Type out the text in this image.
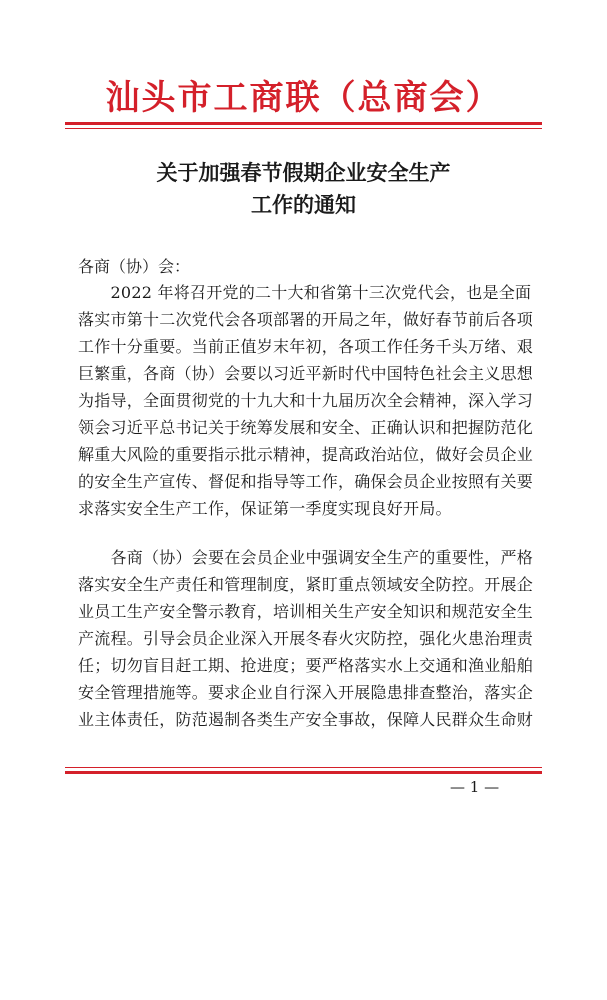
汕头市工商联（总商会）
关于加强春节假期企业安全生产
工作的通知
各商（协）会：
　　2022 年将召开党的二十大和省第十三次党代会，也是全面
落实市第十二次党代会各项部署的开局之年，做好春节前后各项
工作十分重要。当前正值岁末年初，各项工作任务千头万绪、艰
巨繁重，各商（协）会要以习近平新时代中国特色社会主义思想
为指导，全面贯彻党的十九大和十九届历次全会精神，深入学习
领会习近平总书记关于统筹发展和安全、正确认识和把握防范化
解重大风险的重要指示批示精神，提高政治站位，做好会员企业
的安全生产宣传、督促和指导等工作，确保会员企业按照有关要
求落实安全生产工作，保证第一季度实现良好开局。
　　各商（协）会要在会员企业中强调安全生产的重要性，严格
落实安全生产责任和管理制度，紧盯重点领域安全防控。开展企
业员工生产安全警示教育，培训相关生产安全知识和规范安全生
产流程。引导会员企业深入开展冬春火灾防控，强化火患治理责
任；切勿盲目赶工期、抢进度；要严格落实水上交通和渔业船舶
安全管理措施等。要求企业自行深入开展隐患排查整治，落实企
业主体责任，防范遏制各类生产安全事故，保障人民群众生命财
— 1 —
